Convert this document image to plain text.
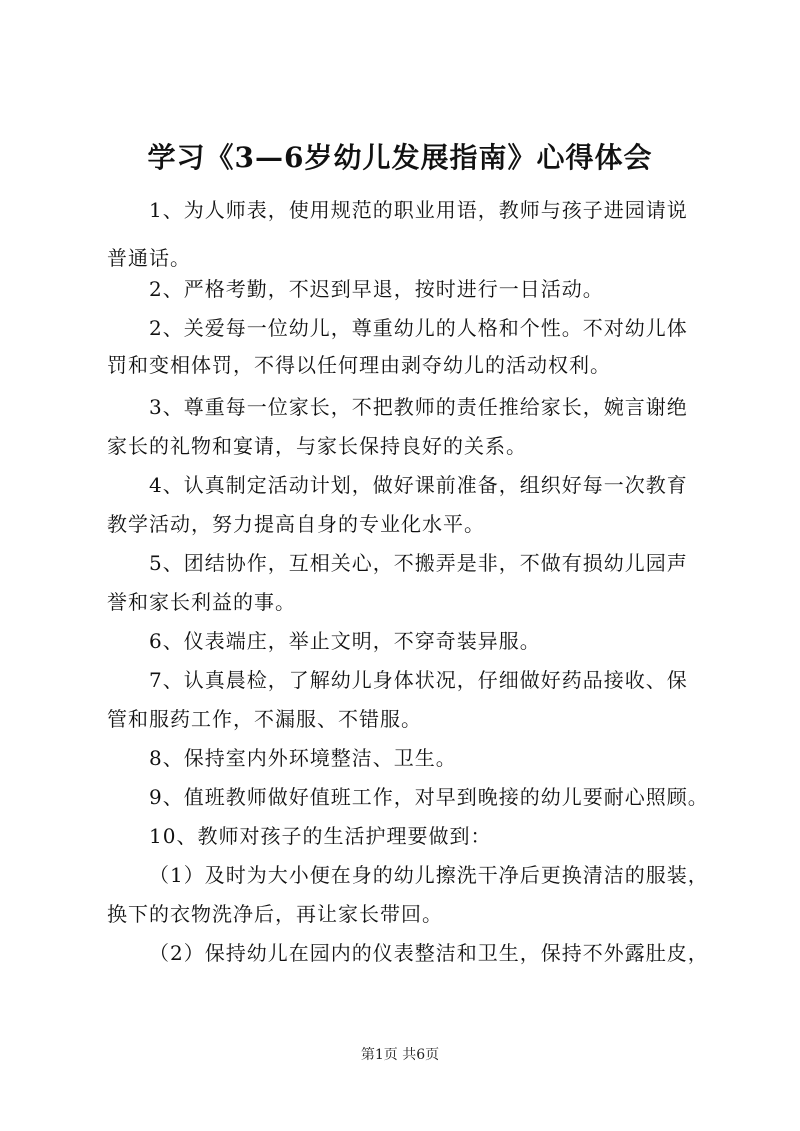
学习《3—6岁幼儿发展指南》心得体会
1、为人师表，使用规范的职业用语，教师与孩子进园请说
普通话。
2、严格考勤，不迟到早退，按时进行一日活动。
2、关爱每一位幼儿，尊重幼儿的人格和个性。不对幼儿体
罚和变相体罚，不得以任何理由剥夺幼儿的活动权利。
3、尊重每一位家长，不把教师的责任推给家长，婉言谢绝
家长的礼物和宴请，与家长保持良好的关系。
4、认真制定活动计划，做好课前准备，组织好每一次教育
教学活动，努力提高自身的专业化水平。
5、团结协作，互相关心，不搬弄是非，不做有损幼儿园声
誉和家长利益的事。
6、仪表端庄，举止文明，不穿奇装异服。
7、认真晨检，了解幼儿身体状况，仔细做好药品接收、保
管和服药工作，不漏服、不错服。
8、保持室内外环境整洁、卫生。
9、值班教师做好值班工作，对早到晚接的幼儿要耐心照顾。
10、教师对孩子的生活护理要做到：
（1）及时为大小便在身的幼儿擦洗干净后更换清洁的服装，
换下的衣物洗净后，再让家长带回。
（2）保持幼儿在园内的仪表整洁和卫生，保持不外露肚皮，
第1页 共6页
